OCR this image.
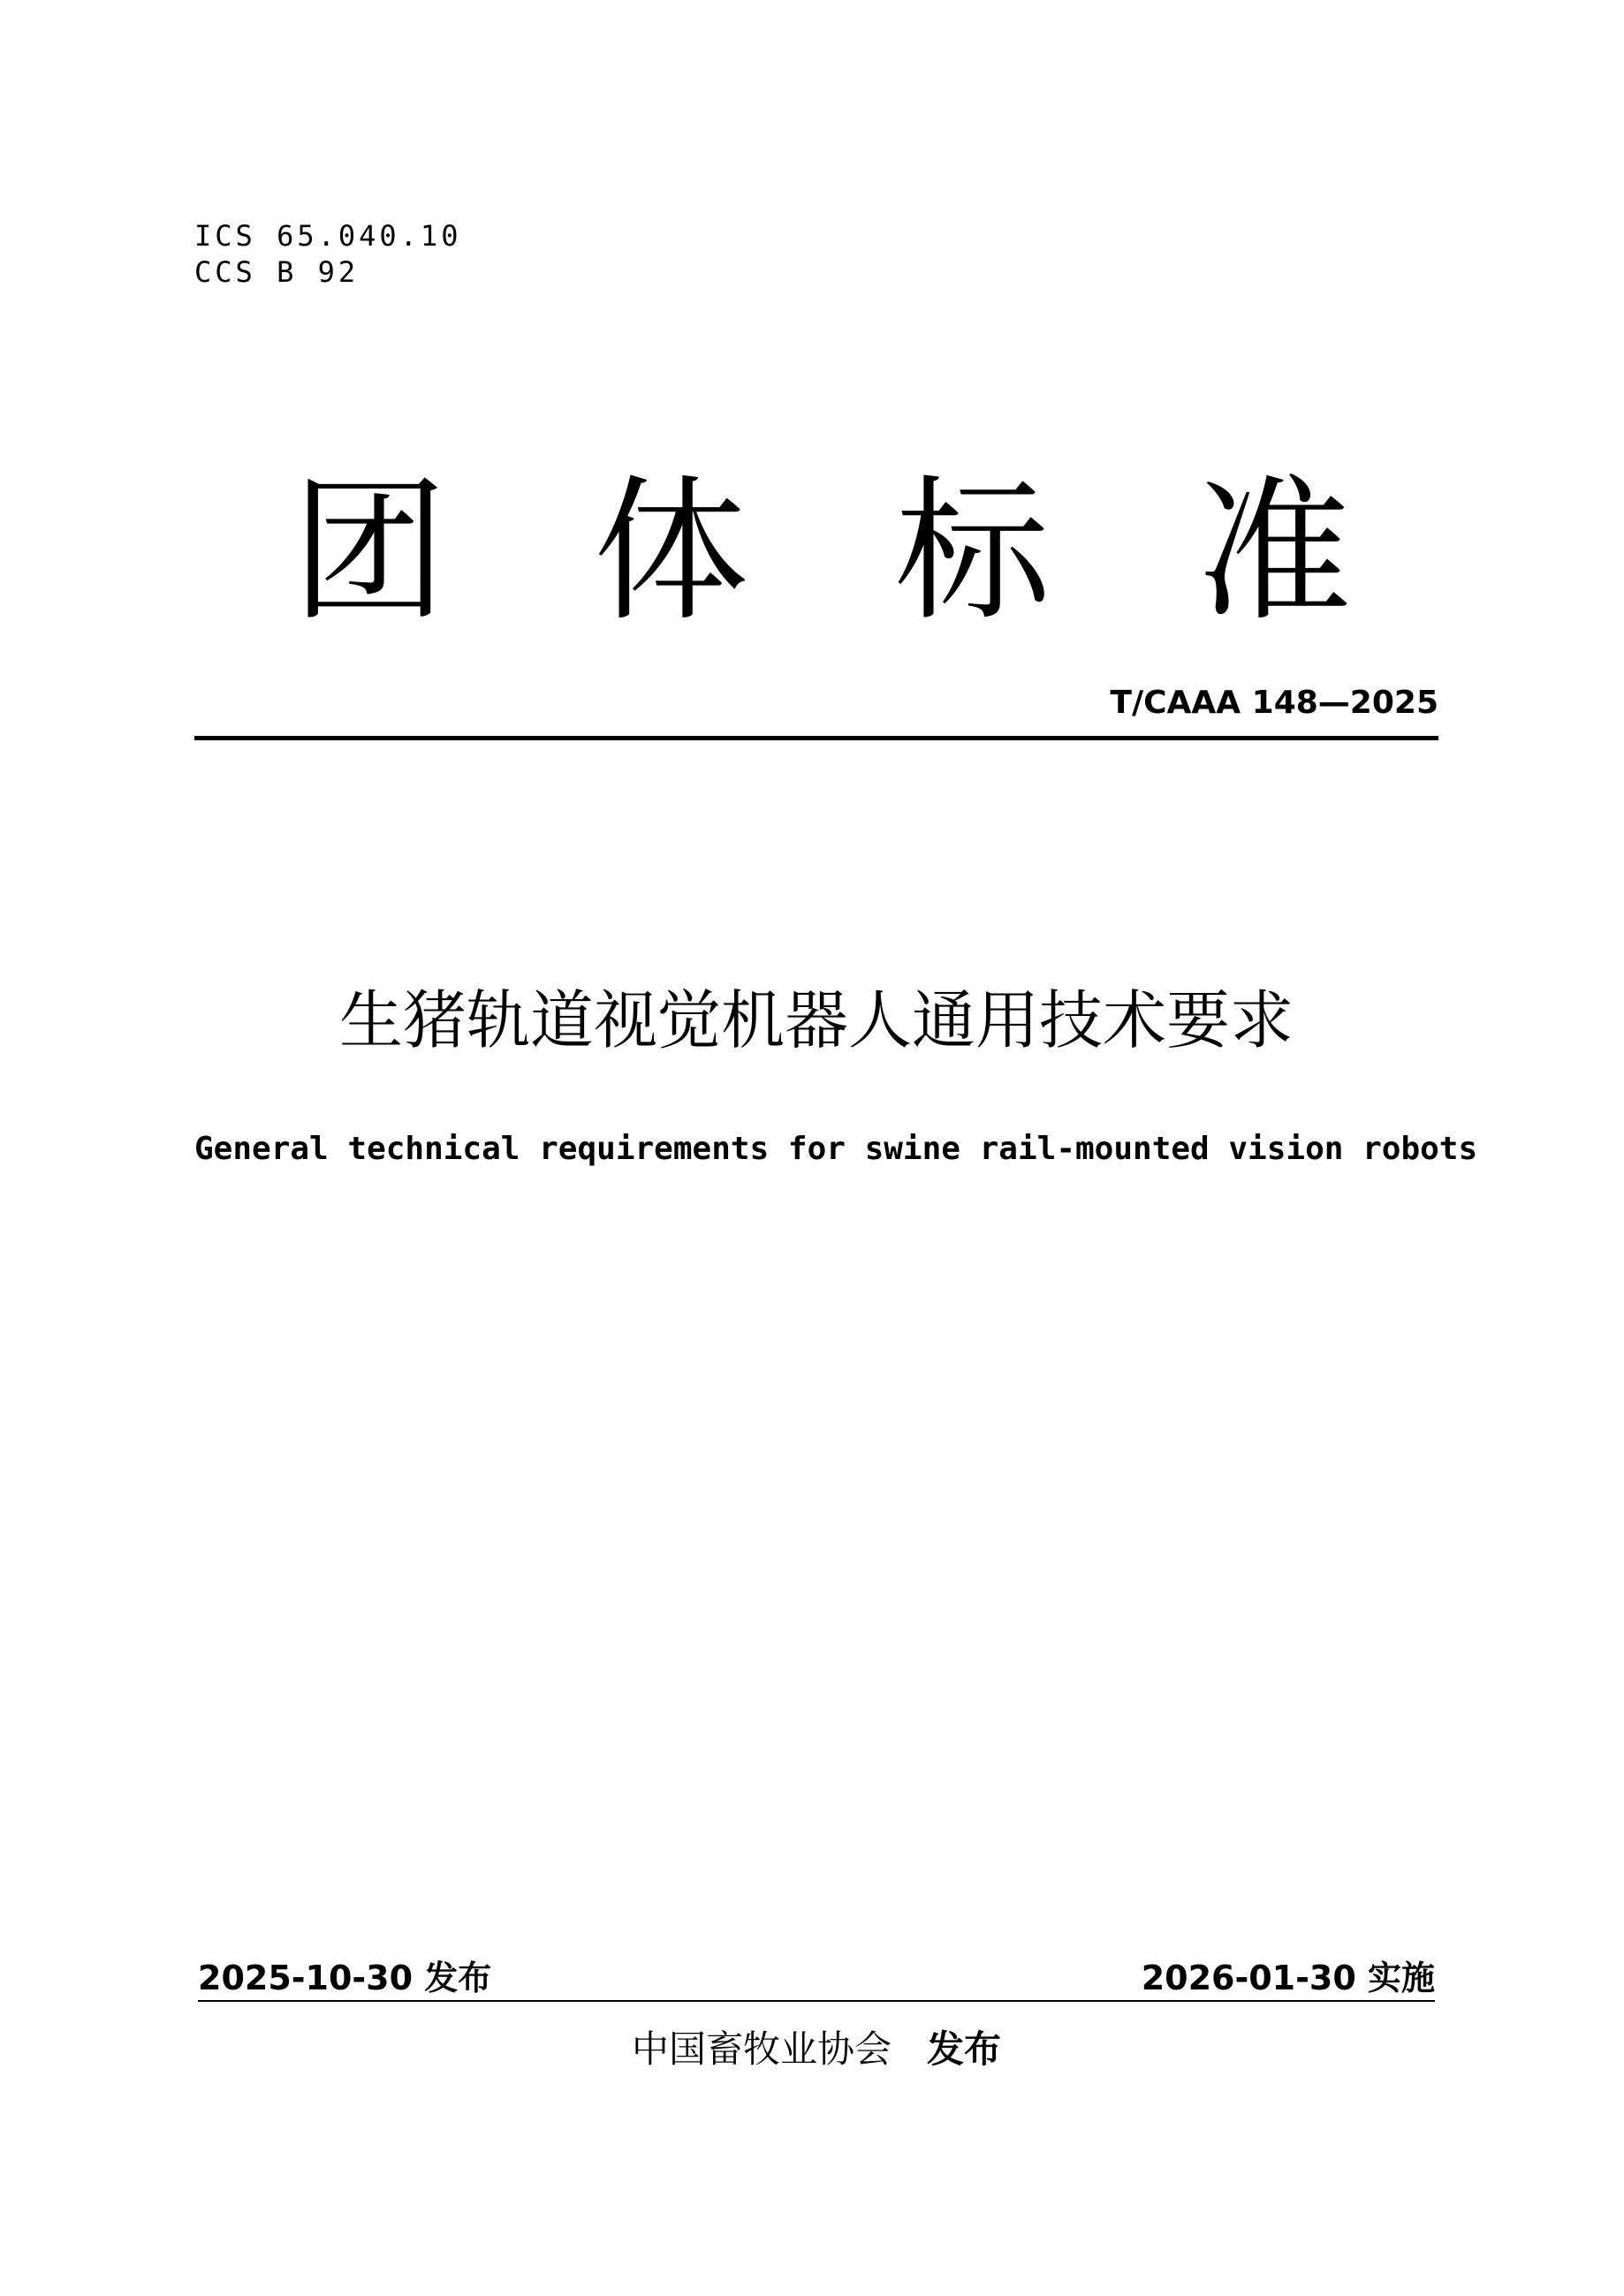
ICS 65.040.10
CCS B 92
团 体 标 准
T/CAAA 148—2025
生猪轨道视觉机器人通用技术要求
General technical requirements for swine rail-mounted vision robots
2025-10-30 发布	2026-01-30 实施
中国畜牧业协会 发布
